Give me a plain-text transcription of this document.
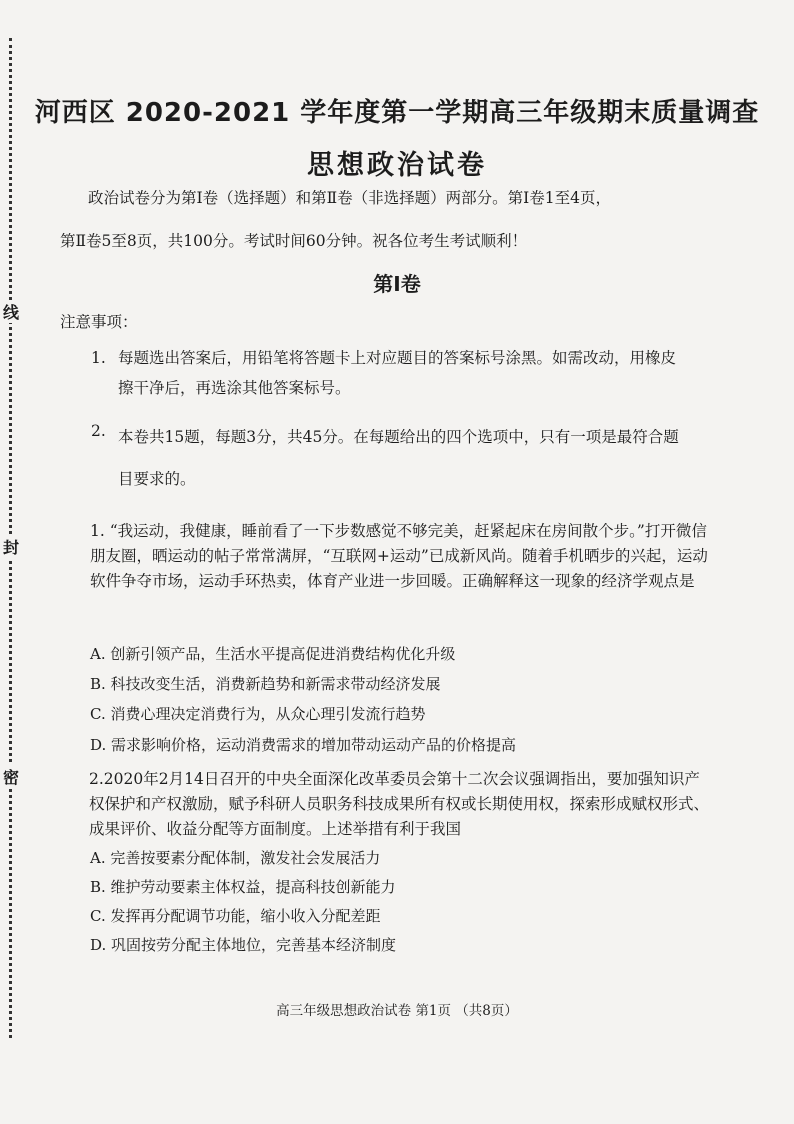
线
封
密
河西区 2020-2021 学年度第一学期高三年级期末质量调查
思想政治试卷
政治试卷分为第Ⅰ卷（选择题）和第Ⅱ卷（非选择题）两部分。第Ⅰ卷1至4页，
第Ⅱ卷5至8页，共100分。考试时间60分钟。祝各位考生考试顺利！
第Ⅰ卷
注意事项：
1. 每题选出答案后，用铅笔将答题卡上对应题目的答案标号涂黑。如需改动，用橡皮擦干净后，再选涂其他答案标号。
2. 本卷共15题，每题3分，共45分。在每题给出的四个选项中，只有一项是最符合题目要求的。
1. “我运动，我健康，睡前看了一下步数感觉不够完美，赶紧起床在房间散个步。”打开微信朋友圈，晒运动的帖子常常满屏，“互联网+运动”已成新风尚。随着手机晒步的兴起，运动软件争夺市场，运动手环热卖，体育产业进一步回暖。正确解释这一现象的经济学观点是
A. 创新引领产品，生活水平提高促进消费结构优化升级
B. 科技改变生活，消费新趋势和新需求带动经济发展
C. 消费心理决定消费行为，从众心理引发流行趋势
D. 需求影响价格，运动消费需求的增加带动运动产品的价格提高
2.2020年2月14日召开的中央全面深化改革委员会第十二次会议强调指出，要加强知识产权保护和产权激励，赋予科研人员职务科技成果所有权或长期使用权，探索形成赋权形式、成果评价、收益分配等方面制度。上述举措有利于我国
A. 完善按要素分配体制，激发社会发展活力
B. 维护劳动要素主体权益，提高科技创新能力
C. 发挥再分配调节功能，缩小收入分配差距
D. 巩固按劳分配主体地位，完善基本经济制度
高三年级思想政治试卷 第1页 （共8页）
